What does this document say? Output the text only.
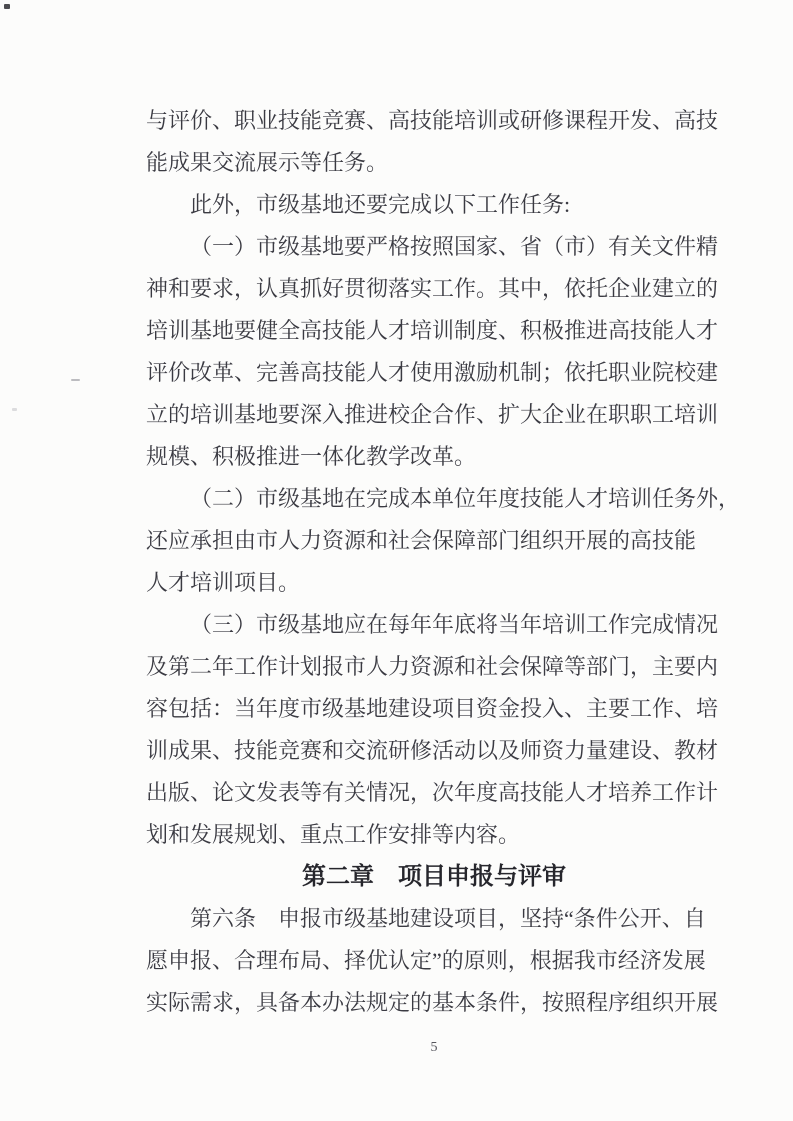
与评价、职业技能竞赛、高技能培训或研修课程开发、高技
能成果交流展示等任务。
此外，市级基地还要完成以下工作任务:
（一）市级基地要严格按照国家、省（市）有关文件精
神和要求，认真抓好贯彻落实工作。其中，依托企业建立的
培训基地要健全高技能人才培训制度、积极推进高技能人才
评价改革、完善高技能人才使用激励机制；依托职业院校建
立的培训基地要深入推进校企合作、扩大企业在职职工培训
规模、积极推进一体化教学改革。
（二）市级基地在完成本单位年度技能人才培训任务外，
还应承担由市人力资源和社会保障部门组织开展的高技能
人才培训项目。
（三）市级基地应在每年年底将当年培训工作完成情况
及第二年工作计划报市人力资源和社会保障等部门，主要内
容包括：当年度市级基地建设项目资金投入、主要工作、培
训成果、技能竞赛和交流研修活动以及师资力量建设、教材
出版、论文发表等有关情况，次年度高技能人才培养工作计
划和发展规划、重点工作安排等内容。
第二章 项目申报与评审
第六条　申报市级基地建设项目，坚持“条件公开、自
愿申报、合理布局、择优认定”的原则，根据我市经济发展
实际需求，具备本办法规定的基本条件，按照程序组织开展
5
